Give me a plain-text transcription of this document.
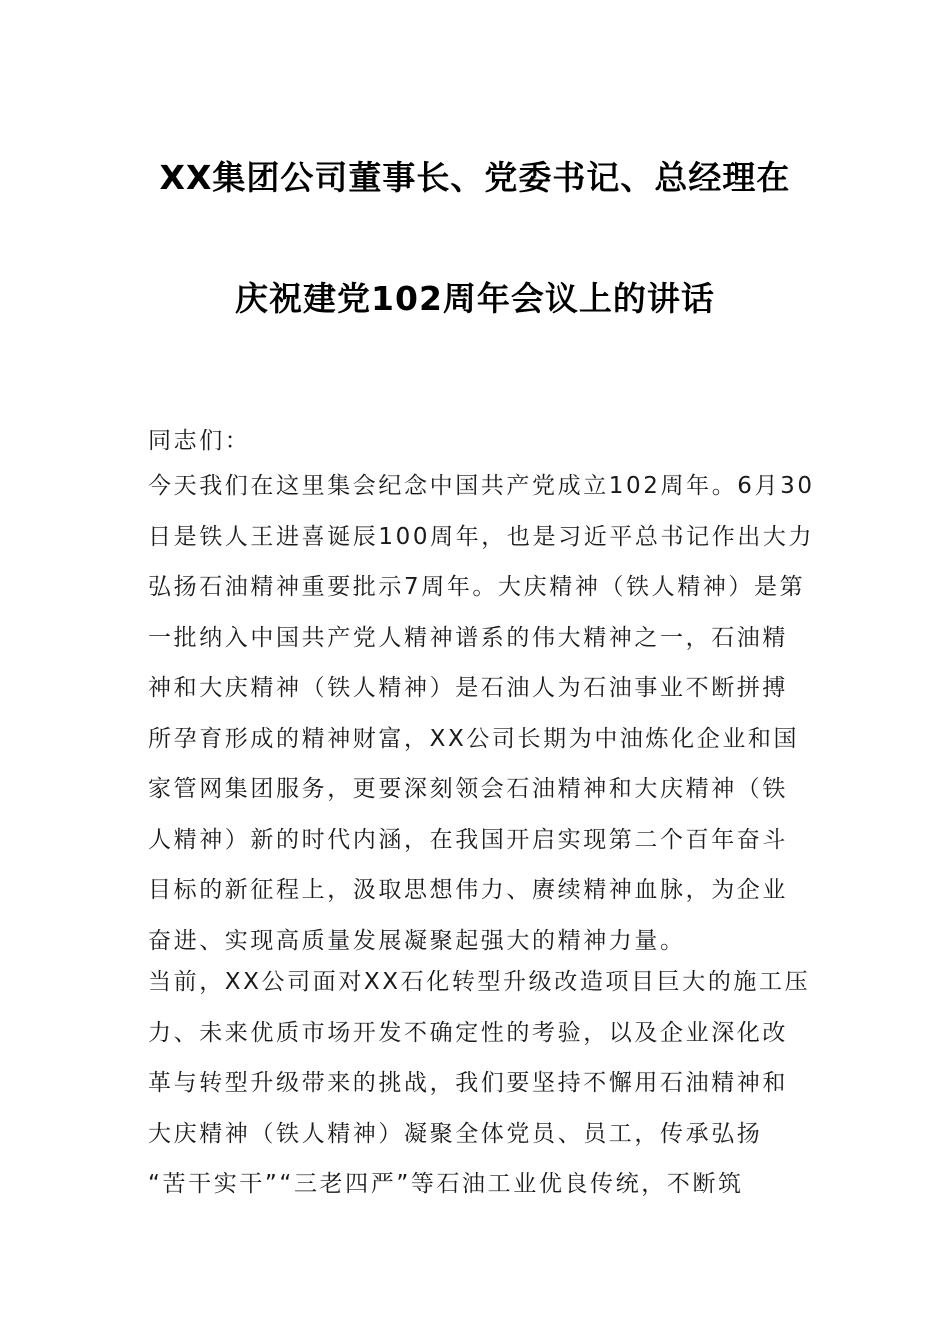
XX集团公司董事长、党委书记、总经理在
庆祝建党102周年会议上的讲话
同志们：
今天我们在这里集会纪念中国共产党成立102周年。6月30
日是铁人王进喜诞辰100周年，也是习近平总书记作出大力
弘扬石油精神重要批示7周年。大庆精神（铁人精神）是第
一批纳入中国共产党人精神谱系的伟大精神之一，石油精
神和大庆精神（铁人精神）是石油人为石油事业不断拼搏
所孕育形成的精神财富，XX公司长期为中油炼化企业和国
家管网集团服务，更要深刻领会石油精神和大庆精神（铁
人精神）新的时代内涵，在我国开启实现第二个百年奋斗
目标的新征程上，汲取思想伟力、赓续精神血脉，为企业
奋进、实现高质量发展凝聚起强大的精神力量。
当前，XX公司面对XX石化转型升级改造项目巨大的施工压
力、未来优质市场开发不确定性的考验，以及企业深化改
革与转型升级带来的挑战，我们要坚持不懈用石油精神和
大庆精神（铁人精神）凝聚全体党员、员工，传承弘扬
“苦干实干”“三老四严”等石油工业优良传统，不断筑
